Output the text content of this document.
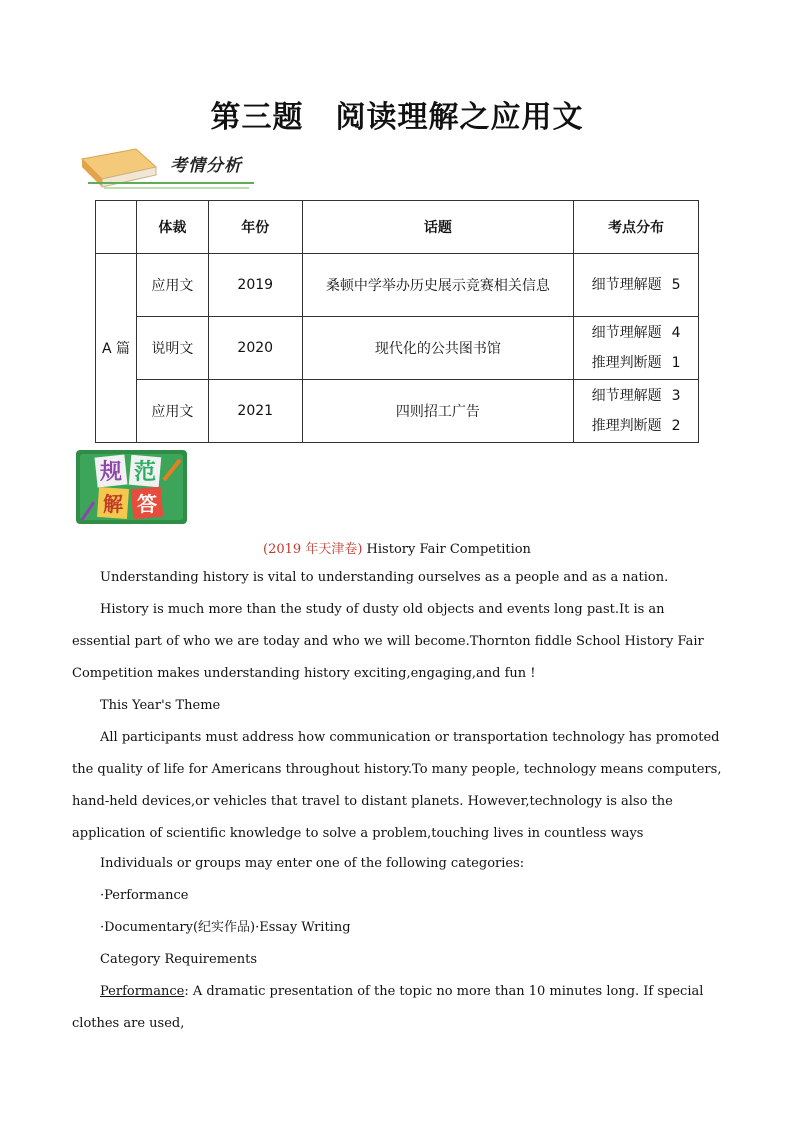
第三题 阅读理解之应用文
考情分析
	体裁	年份	话题	考点分布
A 篇	应用文	2019	桑顿中学举办历史展示竞赛相关信息	细节理解题 5

	说明文	2020	现代化的公共图书馆	细节理解题 4
推理判断题 1

	应用文	2021	四则招工广告	细节理解题 3
推理判断题 2
规 范
解 答
(2019 年天津卷) History Fair Competition
Understanding history is vital to understanding ourselves as a people and as a nation.
History is much more than the study of dusty old objects and events long past.It is an essential part of who we are today and who we will become.Thornton fiddle School History Fair Competition makes understanding history exciting,engaging,and fun !
This Year's Theme
All participants must address how communication or transportation technology has promoted the quality of life for Americans throughout history.To many people, technology means computers, hand-held devices,or vehicles that travel to distant planets. However,technology is also the application of scientific knowledge to solve a problem,touching lives in countless ways
Individuals or groups may enter one of the following categories:
·Performance
·Documentary(纪实作品)·Essay Writing
Category Requirements
Performance: A dramatic presentation of the topic no more than 10 minutes long. If special clothes are used,
